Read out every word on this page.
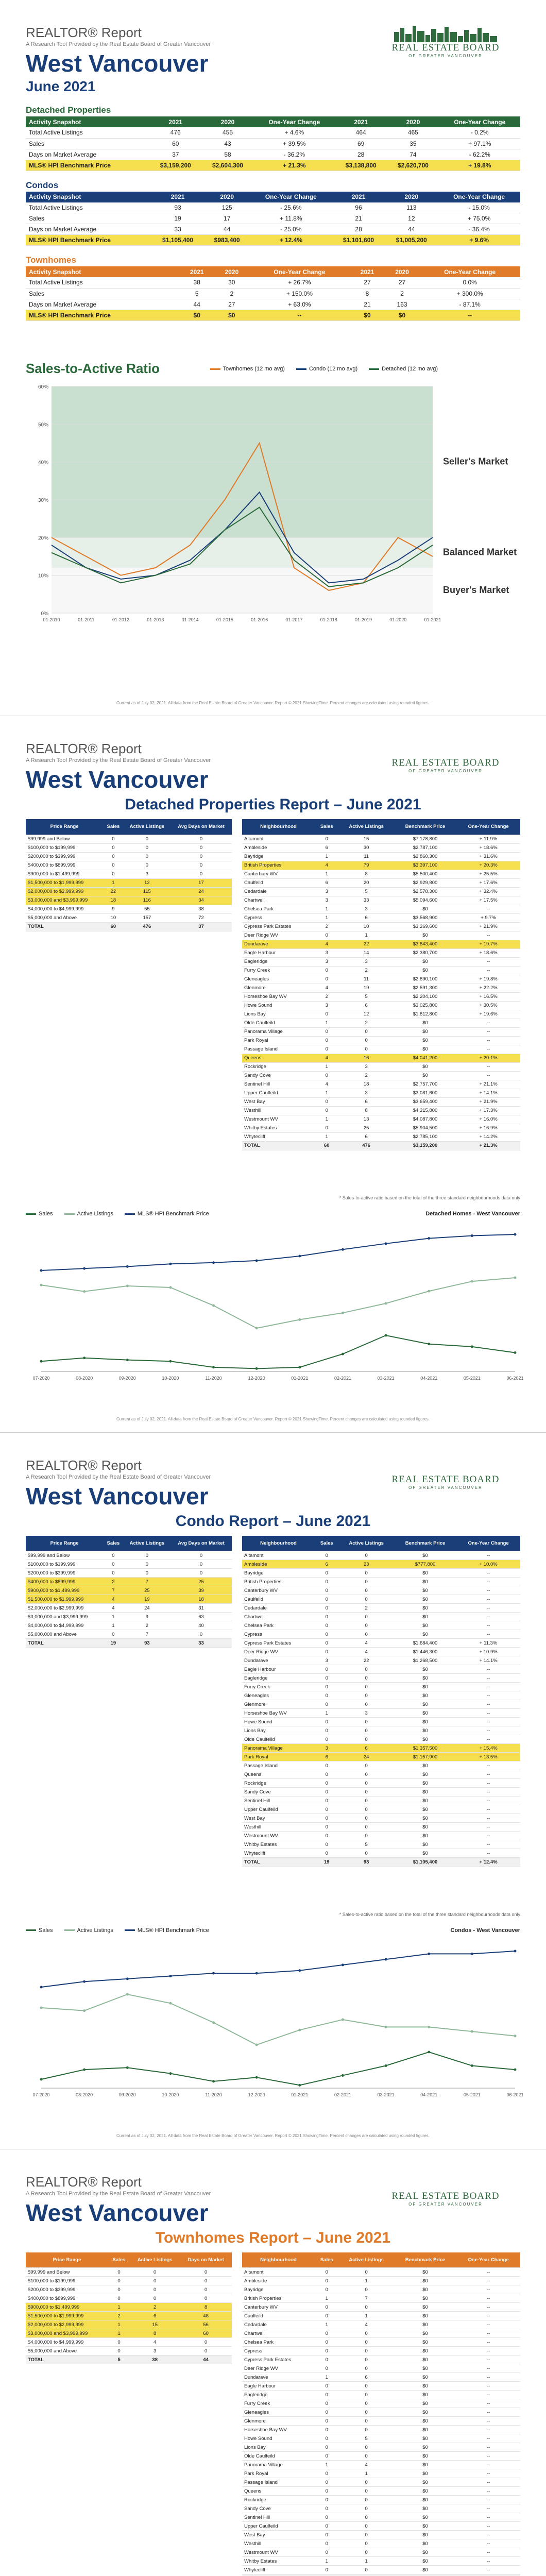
REALTOR® Report
A Research Tool Provided by the Real Estate Board of Greater Vancouver	REAL ESTATE BOARD
OF GREATER VANCOUVER
West Vancouver
June 2021
Detached Properties
Activity Snapshot	2021	2020	One-Year Change	2021	2020	One-Year Change
Total Active Listings	476	455	+ 4.6%	464	465	- 0.2%
Sales	60	43	+ 39.5%	69	35	+ 97.1%
Days on Market Average	37	58	- 36.2%	28	74	- 62.2%
MLS® HPI Benchmark Price	$3,159,200	$2,604,300	+ 21.3%	$3,138,800	$2,620,700	+ 19.8%
Condos
Activity Snapshot	2021	2020	One-Year Change	2021	2020	One-Year Change
Total Active Listings	93	125	- 25.6%	96	113	- 15.0%
Sales	19	17	+ 11.8%	21	12	+ 75.0%
Days on Market Average	33	44	- 25.0%	28	44	- 36.4%
MLS® HPI Benchmark Price	$1,105,400	$983,400	+ 12.4%	$1,101,600	$1,005,200	+ 9.6%
Townhomes
Activity Snapshot	2021	2020	One-Year Change	2021	2020	One-Year Change
Total Active Listings	38	30	+ 26.7%	27	27	0.0%
Sales	5	2	+ 150.0%	8	2	+ 300.0%
Days on Market Average	44	27	+ 63.0%	21	163	- 87.1%
MLS® HPI Benchmark Price	$0	$0	--	$0	$0	--
Sales-to-Active Ratio	Townhomes (12 mo avg)	Condo (12 mo avg)	Detached (12 mo avg)
0%
10%
20%
30%
40%
50%
60%
01-2010	01-2011	01-2012	01-2013	01-2014	01-2015	01-2016	01-2017	01-2018	01-2019	01-2020	01-2021
Seller's Market
Balanced Market
Buyer's Market
Current as of July 02, 2021. All data from the Real Estate Board of Greater Vancouver. Report © 2021 ShowingTime. Percent changes are calculated using rounded figures.
REALTOR® Report
A Research Tool Provided by the Real Estate Board of Greater Vancouver	REAL ESTATE BOARD
OF GREATER VANCOUVER
West Vancouver
Detached Properties Report – June 2021
Price Range	Sales	Active Listings	Avg Days on Market
$99,999 and Below	0	0	0
$100,000 to $199,999	0	0	0
$200,000 to $399,999	0	0	0
$400,000 to $899,999	0	0	0
$900,000 to $1,499,999	0	3	0
$1,500,000 to $1,999,999	1	12	17
$2,000,000 to $2,999,999	22	115	24
$3,000,000 and $3,999,999	18	116	34
$4,000,000 to $4,999,999	9	55	38
$5,000,000 and Above	10	157	72
TOTAL	60	476	37
Neighbourhood	Sales	Active Listings	Benchmark Price	One-Year Change
Altamont	0	15	$7,178,800	+ 11.9%
Ambleside	6	30	$2,787,100	+ 18.6%
Bayridge	1	11	$2,860,300	+ 31.6%
British Properties	4	79	$3,397,100	+ 20.3%
Canterbury WV	1	8	$5,500,400	+ 25.5%
Caulfeild	6	20	$2,929,800	+ 17.6%
Cedardale	3	5	$2,578,300	+ 32.4%
Chartwell	3	33	$5,094,600	+ 17.5%
Chelsea Park	1	3	$0	--
Cypress	1	6	$3,568,900	+ 9.7%
Cypress Park Estates	2	10	$3,269,600	+ 21.9%
Deer Ridge WV	0	1	$0	--
Dundarave	4	22	$3,843,400	+ 19.7%
Eagle Harbour	3	14	$2,380,700	+ 18.6%
Eagleridge	3	3	$0	--
Furry Creek	0	2	$0	--
Gleneagles	0	11	$2,890,100	+ 19.8%
Glenmore	4	19	$2,591,300	+ 22.2%
Horseshoe Bay WV	2	5	$2,204,100	+ 16.5%
Howe Sound	3	6	$3,025,800	+ 30.5%
Lions Bay	0	12	$1,812,800	+ 19.6%
Olde Caulfeild	1	2	$0	--
Panorama Village	0	0	$0	--
Park Royal	0	0	$0	--
Passage Island	0	0	$0	--
Queens	4	16	$4,041,200	+ 20.1%
Rockridge	1	3	$0	--
Sandy Cove	0	2	$0	--
Sentinel Hill	4	18	$2,757,700	+ 21.1%
Upper Caulfeild	1	3	$3,081,600	+ 14.1%
West Bay	0	6	$3,659,400	+ 21.9%
Westhill	0	8	$4,215,800	+ 17.3%
Westmount WV	1	13	$4,087,800	+ 16.0%
Whitby Estates	0	25	$5,904,500	+ 16.9%
Whytecliff	1	6	$2,785,100	+ 14.2%
TOTAL	60	476	$3,159,200	+ 21.3%
* Sales-to-active ratio based on the total of the three standard neighbourhoods data only
Sales	Active Listings	MLS® HPI Benchmark Price	Detached Homes - West Vancouver
07-2020	08-2020	09-2020	10-2020	11-2020	12-2020	01-2021	02-2021	03-2021	04-2021	05-2021	06-2021
Current as of July 02, 2021. All data from the Real Estate Board of Greater Vancouver. Report © 2021 ShowingTime. Percent changes are calculated using rounded figures.
REALTOR® Report
A Research Tool Provided by the Real Estate Board of Greater Vancouver	REAL ESTATE BOARD
OF GREATER VANCOUVER
West Vancouver
Condo Report – June 2021
Price Range	Sales	Active Listings	Avg Days on Market
$99,999 and Below	0	0	0
$100,000 to $199,999	0	0	0
$200,000 to $399,999	0	0	0
$400,000 to $899,999	2	7	25
$900,000 to $1,499,999	7	25	39
$1,500,000 to $1,999,999	4	19	18
$2,000,000 to $2,999,999	4	24	31
$3,000,000 and $3,999,999	1	9	63
$4,000,000 to $4,999,999	1	2	40
$5,000,000 and Above	0	7	0
TOTAL	19	93	33
Neighbourhood	Sales	Active Listings	Benchmark Price	One-Year Change
Altamont	0	0	$0	--
Ambleside	6	23	$777,800	+ 10.0%
Bayridge	0	0	$0	--
British Properties	0	0	$0	--
Canterbury WV	0	0	$0	--
Caulfeild	0	0	$0	--
Cedardale	0	2	$0	--
Chartwell	0	0	$0	--
Chelsea Park	0	0	$0	--
Cypress	0	0	$0	--
Cypress Park Estates	0	4	$1,684,400	+ 11.3%
Deer Ridge WV	0	4	$1,446,300	+ 10.9%
Dundarave	3	22	$1,268,500	+ 14.1%
Eagle Harbour	0	0	$0	--
Eagleridge	0	0	$0	--
Furry Creek	0	0	$0	--
Gleneagles	0	0	$0	--
Glenmore	0	0	$0	--
Horseshoe Bay WV	1	3	$0	--
Howe Sound	0	0	$0	--
Lions Bay	0	0	$0	--
Olde Caulfeild	0	0	$0	--
Panorama Village	3	6	$1,357,500	+ 15.4%
Park Royal	6	24	$1,157,900	+ 13.5%
Passage Island	0	0	$0	--
Queens	0	0	$0	--
Rockridge	0	0	$0	--
Sandy Cove	0	0	$0	--
Sentinel Hill	0	0	$0	--
Upper Caulfeild	0	0	$0	--
West Bay	0	0	$0	--
Westhill	0	0	$0	--
Westmount WV	0	0	$0	--
Whitby Estates	0	5	$0	--
Whytecliff	0	0	$0	--
TOTAL	19	93	$1,105,400	+ 12.4%
* Sales-to-active ratio based on the total of the three standard neighbourhoods data only
Sales	Active Listings	MLS® HPI Benchmark Price	Condos - West Vancouver
07-2020	08-2020	09-2020	10-2020	11-2020	12-2020	01-2021	02-2021	03-2021	04-2021	05-2021	06-2021
Current as of July 02, 2021. All data from the Real Estate Board of Greater Vancouver. Report © 2021 ShowingTime. Percent changes are calculated using rounded figures.
REALTOR® Report
A Research Tool Provided by the Real Estate Board of Greater Vancouver	REAL ESTATE BOARD
OF GREATER VANCOUVER
West Vancouver
Townhomes Report – June 2021
Price Range	Sales	Active Listings	Days on Market
$99,999 and Below	0	0	0
$100,000 to $199,999	0	0	0
$200,000 to $399,999	0	0	0
$400,000 to $899,999	0	0	0
$900,000 to $1,499,999	1	2	8
$1,500,000 to $1,999,999	2	6	48
$2,000,000 to $2,999,999	1	15	56
$3,000,000 and $3,999,999	1	8	60
$4,000,000 to $4,999,999	0	4	0
$5,000,000 and Above	0	3	0
TOTAL	5	38	44
Neighbourhood	Sales	Active Listings	Benchmark Price	One-Year Change
Altamont	0	0	$0	--
Ambleside	0	1	$0	--
Bayridge	0	0	$0	--
British Properties	1	7	$0	--
Canterbury WV	0	0	$0	--
Caulfeild	0	1	$0	--
Cedardale	1	4	$0	--
Chartwell	0	0	$0	--
Chelsea Park	0	0	$0	--
Cypress	0	0	$0	--
Cypress Park Estates	0	0	$0	--
Deer Ridge WV	0	0	$0	--
Dundarave	1	6	$0	--
Eagle Harbour	0	0	$0	--
Eagleridge	0	0	$0	--
Furry Creek	0	0	$0	--
Gleneagles	0	0	$0	--
Glenmore	0	0	$0	--
Horseshoe Bay WV	0	0	$0	--
Howe Sound	0	5	$0	--
Lions Bay	0	0	$0	--
Olde Caulfeild	0	0	$0	--
Panorama Village	1	4	$0	--
Park Royal	0	1	$0	--
Passage Island	0	0	$0	--
Queens	0	0	$0	--
Rockridge	0	0	$0	--
Sandy Cove	0	0	$0	--
Sentinel Hill	0	0	$0	--
Upper Caulfeild	0	0	$0	--
West Bay	0	0	$0	--
Westhill	0	0	$0	--
Westmount WV	0	0	$0	--
Whitby Estates	1	1	$0	--
Whytecliff	0	0	$0	--
